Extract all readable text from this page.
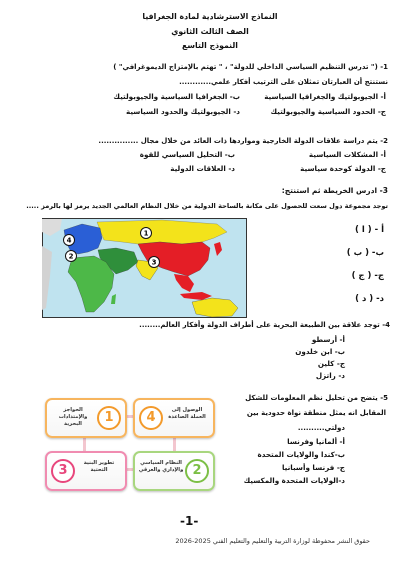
النماذج الاسترشادية لمادة الجغرافيا
الصف الثالث الثانوي
النموذج التاسع
1- (" تدرس التنظيم السياسي الداخلي للدولة" ، " تهتم بالإمتزاج الديموغرافي" )
نستنتج أن العبارتان تمثلان على الترتيب أفكار علمي............
أ- الجيوبولتيك والجغرافيا السياسية
ب- الجغرافيا السياسية والجيوبولتيك
ج- الحدود السياسية والجيوبولتيك
د- الجيوبولتيك والحدود السياسية
2- يتم دراسة علاقات الدولة الخارجية ومواردها ذات العائد من خلال مجال ...............
أ- المشكلات السياسية
ب- التحليل السياسي للقوة
ج- الدولة كوحدة سياسية
د- العلاقات الدولية
3- ادرس الخريطة ثم استنتج:
توجد مجموعة دول سعت للحصول على مكانة بالساحة الدولية من خلال النظام العالمي الجديد يرمز لها بالرمز .....
1
2
3
4
أ - ( ا )
ب- ( ب )
ج- ( ج )
د- ( د )
4- توجد علاقة بين الطبيعة البحرية على أطراف الدولة وأفكار العالم........
أ- أرسطو
ب- ابن خلدون
ج- كلين
د- راتزل
5- يتضح من تحليل نظم المعلومات للشكل
المقابل انه يمثل منطقة نواة حدودية بين
دولتي..........
أ- ألمانيا وفرنسا
ب-كندا والولايات المتحدة
ج- فرنسا وأسبانيا
د-الولايات المتحدة والمكسيك
الحواجز والإمتدادات البحرية	1	4	الوصول إلى العملة الصاعدة
3	تطوير البنية التحتية
النظام السياسي والإداري والعرقي 2
-1-
حقوق النشر محفوظة لوزارة التربية والتعليم والتعليم الفني 2025-2026
